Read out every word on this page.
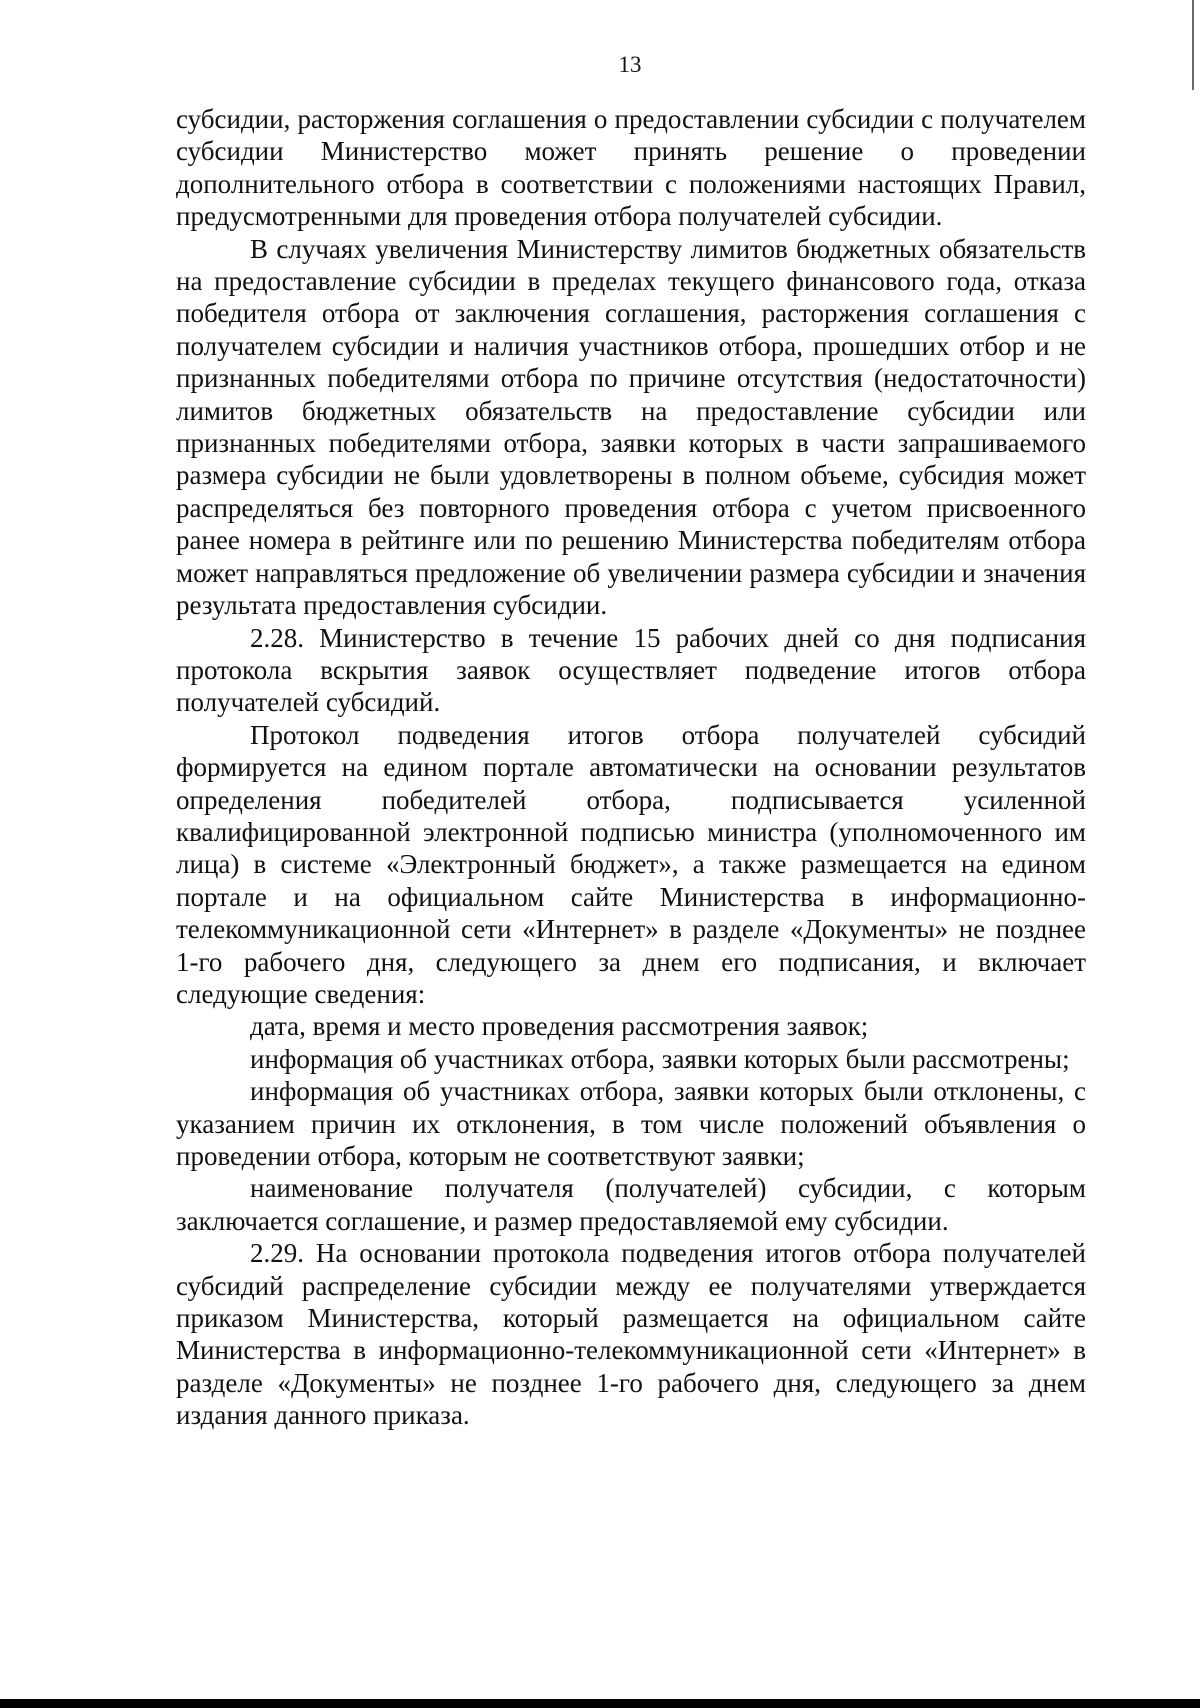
13

субсидии, расторжения соглашения о предоставлении субсидии с получателем субсидии Министерство может принять решение о проведении дополнительного отбора в соответствии с положениями настоящих Правил, предусмотренными для проведения отбора получателей субсидии.

В случаях увеличения Министерству лимитов бюджетных обязательств на предоставление субсидии в пределах текущего финансового года, отказа победителя отбора от заключения соглашения, расторжения соглашения с получателем субсидии и наличия участников отбора, прошедших отбор и не признанных победителями отбора по причине отсутствия (недостаточности) лимитов бюджетных обязательств на предоставление субсидии или признанных победителями отбора, заявки которых в части запрашиваемого размера субсидии не были удовлетворены в полном объеме, субсидия может распределяться без повторного проведения отбора с учетом присвоенного ранее номера в рейтинге или по решению Министерства победителям отбора может направляться предложение об увеличении размера субсидии и значения результата предоставления субсидии.

2.28. Министерство в течение 15 рабочих дней со дня подписания протокола вскрытия заявок осуществляет подведение итогов отбора получателей субсидий.

Протокол подведения итогов отбора получателей субсидий формируется на едином портале автоматически на основании результатов определения победителей отбора, подписывается усиленной квалифицированной электронной подписью министра (уполномоченного им лица) в системе «Электронный бюджет», а также размещается на едином портале и на официальном сайте Министерства в информационно-телекоммуникационной сети «Интернет» в разделе «Документы» не позднее 1-го рабочего дня, следующего за днем его подписания, и включает следующие сведения:

дата, время и место проведения рассмотрения заявок;

информация об участниках отбора, заявки которых были рассмотрены;

информация об участниках отбора, заявки которых были отклонены, с указанием причин их отклонения, в том числе положений объявления о проведении отбора, которым не соответствуют заявки;

наименование получателя (получателей) субсидии, с которым заключается соглашение, и размер предоставляемой ему субсидии.

2.29. На основании протокола подведения итогов отбора получателей субсидий распределение субсидии между ее получателями утверждается приказом Министерства, который размещается на официальном сайте Министерства в информационно-телекоммуникационной сети «Интернет» в разделе «Документы» не позднее 1-го рабочего дня, следующего за днем издания данного приказа.
